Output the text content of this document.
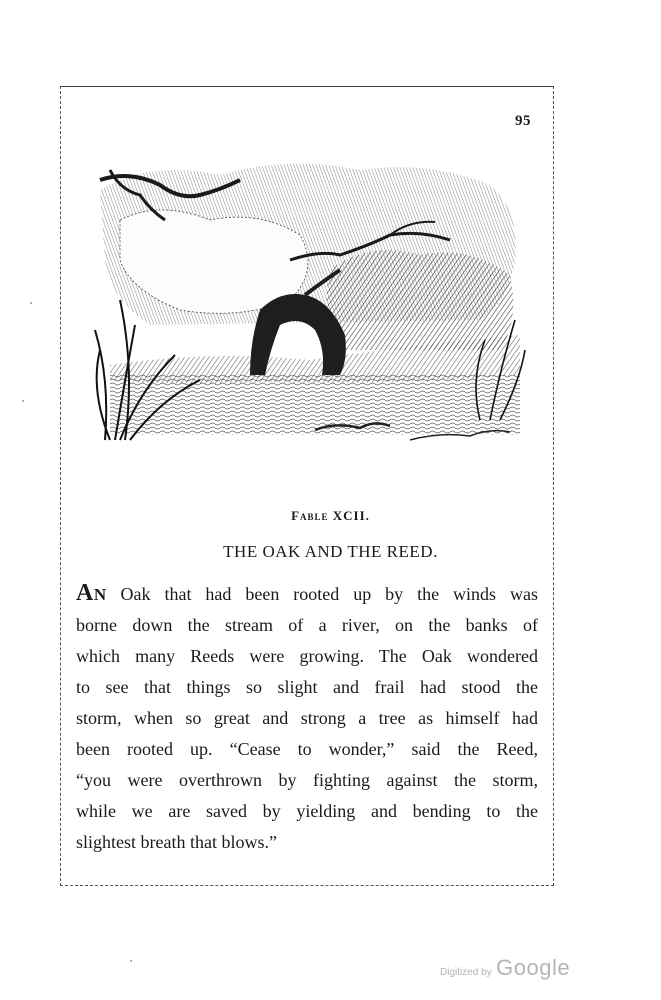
95
Fable XCII.
THE OAK AND THE REED.

An Oak that had been rooted up by the winds was
borne down the stream of a river, on the banks of
which many Reeds were growing. The Oak wondered
to see that things so slight and frail had stood the
storm, when so great and strong a tree as himself had
been rooted up. “Cease to wonder,” said the Reed,
“you were overthrown by fighting against the storm,
while we are saved by yielding and bending to the
slightest breath that blows.”

Digitized by Google
